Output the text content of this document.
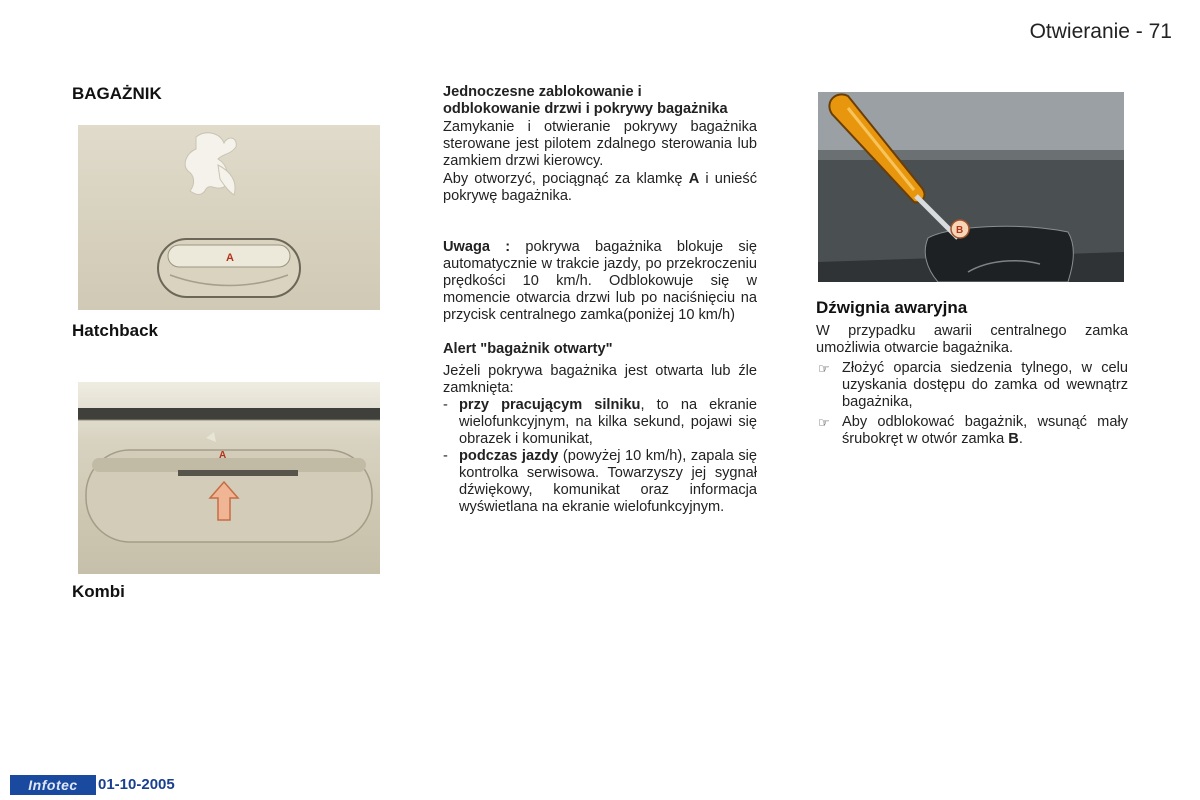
Otwieranie - 71
BAGAŻNIK
A
Hatchback
A
Kombi

Jednoczesne zablokowanie i odblokowanie drzwi i pokrywy bagażnika

Zamykanie i otwieranie pokrywy bagażnika sterowane jest pilotem zdalnego sterowania lub zamkiem drzwi kierowcy.

Aby otworzyć, pociągnąć za klamkę A i unieść pokrywę bagażnika.

Uwaga : pokrywa bagażnika blokuje się automatycznie w trakcie jazdy, po przekroczeniu prędkości 10 km/h. Odblokowuje się w momencie otwarcia drzwi lub po naciśnięciu na przycisk centralnego zamka(poniżej 10 km/h)

Alert "bagażnik otwarty"

Jeżeli pokrywa bagażnika jest otwarta lub źle zamknięta:

- przy pracującym silniku, to na ekranie wielofunkcyjnym, na kilka sekund, pojawi się obrazek i komunikat,
- podczas jazdy (powyżej 10 km/h), zapala się kontrolka serwisowa. Towarzyszy jej sygnał dźwiękowy, komunikat oraz informacja wyświetlana na ekranie wielofunkcyjnym.
B
Dźwignia awaryjna

W przypadku awarii centralnego zamka umożliwia otwarcie bagażnika.

☞ Złożyć oparcia siedzenia tylnego, w celu uzyskania dostępu do zamka od wewnątrz bagażnika,
☞ Aby odblokować bagażnik, wsunąć mały śrubokręt w otwór zamka B.
Infotec	01-10-2005
